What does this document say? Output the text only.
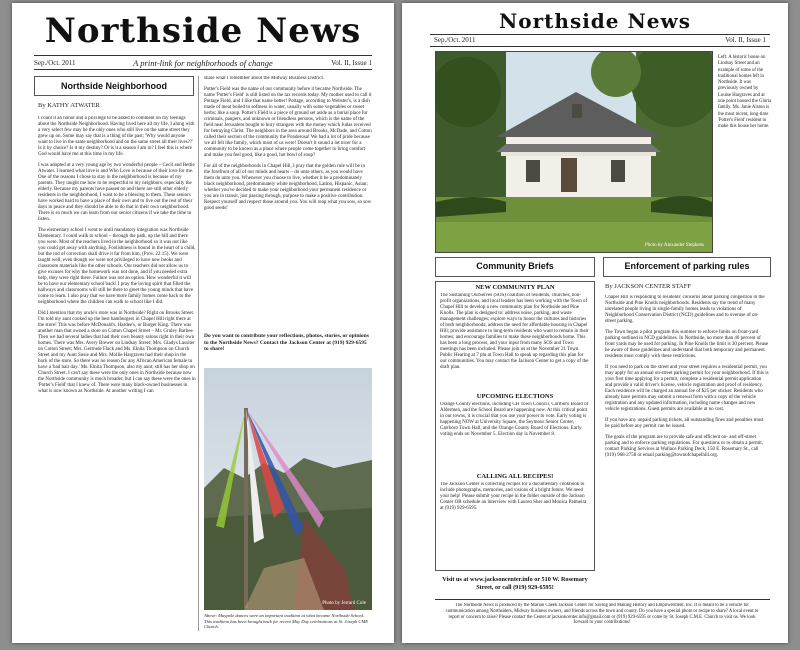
Northside News
Sep./Oct. 2011	A print-link for neighborhoods of change	Vol. II, Issue 1
Northside Neighborhood
By KATHY ATWATER

I count it an honor and a privilege to be asked to comment on my feelings about the Northside Neighborhood. Having lived here all my life, I along with a very select few may be the only ones who still live on the same street they grew up on. Some may say that is a thing of the past; 'Why would anyone want to live in the same neighborhood and on the same street all their lives??' Is it by choice? Is it my destiny? Or is it a season I am in? I feel this is where God would have me at this time in my life.

I was adopted at a very young age by two wonderful people – Cecil and Bettie Atwater. I learned what love is and Who Love is because of their love for me. One of the reasons I chose to stay in the neighborhood is because of my parents. They taught me how to be respectful to my neighbors, especially the elderly. Because my parents have passed on and there are still other elderly residents in the neighborhood, I want to be a blessing to them. These seniors have worked hard to have a place of their own and to live out the rest of their days in peace and they should be able to do that in their own neighborhood. There is so much we can learn from our senior citizens if we take the time to listen.

The elementary school I went to until mandatory integration was Northside Elementary. I could walk to school – through the path, up the hill and there you were. Most of the teachers lived in the neighborhood so it was not like you could get away with anything. Foolishness is bound in the heart of a child, but the rod of correction shall drive it far from him, (Prov. 22:15). We were taught well, even though we were not privileged to have new books and classroom materials like the other schools. Our teachers did not allow us to give excuses for why the homework was not done, and if you needed extra help, they were right there. Failure was not an option. How wonderful it will be to have our elementary school back! I pray the loving spirit that filled the hallways and classrooms will still be there to greet the young minds that have come to learn. I also pray that we have more family homes come back to the neighborhood where the children can walk to school like I did.

Did I mention that my uncle's store was in Northside? Right on Brooks Street. I'm told my aunt cooked up the best hamburgers in Chapel Hill right there at the store! This was before McDonald's, Hardee's, or Burger King. There was another man that owned a store on Cotton Chapel Street – Mr. Gruley Barbee. Then we had several ladies that had their own beauty salons right in their own homes. There was Mrs. Avery Brewer on Lindsay Street; Mrs. Gladys Lassiter on Cotton Street; Mrs. Gertrude Flack and Ms. Elnita Thompson on Church Street and my Aunt Susie and Mrs. Mollie Hargraves had their shop in the back of the store. So there was no reason for any African American female to have a 'bad hair day.' Ms. Elnita Thompson, also my aunt, still has her shop on Church Street. I can't say these were the only ones in Northside because now the Northside community is much broader, but I can say these were the ones in 'Potter's Field' that I knew of. There were many black-owned businesses in what is now known as Northside. At another writing I can

share what I remember about the Midway Business District.

Potter's Field was the name of our community before it became Northside. The name 'Potter's Field' is still listed on the tax records today. My mother used to call it Pottage Field, and I like that name better! Pottage, according to Webster's, is a dish made of meat boiled to softness in water, usually with some vegetables or sweet herbs; like a soup. Potter's Field is a piece of ground set aside as a burial place for criminals, paupers, and unknown or friendless persons, which is the name of the field near Jerusalem bought to bury strangers with the money which Judas received for betraying Christ. The neighbors in the area around Brooks, McDade, and Cotton called their section of the community the Ponderosa! We had a lot of pride because we all felt like family, which most of us were! Doesn't it sound a lot nicer for a community to be known as a place where people come together to bring comfort and make you feel good, like a good, hot bowl of soup?

For all of the neighborhoods in Chapel Hill, I pray that the golden rule will be in the forefront of all of our minds and hearts – do unto others, as you would have them do unto you. Whenever you choose to live, whether it be a predominately black neighborhood, predominately white neighborhood, Latino, Hispanic, Asian; whether you've decided to make your neighborhood your permanent residence or you are in transit, just passing through, purpose to make a positive contribution. Respect yourself and respect those around you. You will reap what you sow, so sow good seeds!

Do you want to contribute your reflections, photos, stories, or opinions to the Northside News? Contact the Jackson Center at (919) 929-6595 to share!
Photo by Jerrard Cole
Above: Maypole dances were an important tradition at what became Northside School. This tradition has been brought back for recent May Day celebrations at St. Joseph CME Church.
Northside News
Sep./Oct. 2011	Vol. II, Issue 1
Photo by Alexander Stephens
Left: A historic house on Lindsay Street and an example of some of the traditional homes left in Northside. It was previously owned by Louise Hargraves and at one point housed the Gloria family. Ms. Janie Alston is the most recent, long-time 'Potter's Field' resident to make this house her home.
Community Briefs
NEW COMMUNITY PLAN
The Sustaining OurSelves (SOS) coalition of residents, churches, non-profit organizations, and local leaders has been working with the Town of Chapel Hill to develop a new community plan for Northside and Pine Knolls. The plan is designed to: address noise, parking, and waste management challenges; explore ways to honor the cultures and histories of both neighborhoods; address the need for affordable housing in Chapel Hill; provide assistance to long-term residents who want to remain in their homes; and encourage families to make these neighborhoods home. This has been a long process, and your input from many SOS and Town meetings has been included. Please join us at the November 21 Town Public Hearing at 7 pm at Town Hall to speak up regarding this plan for our communities. You may contact the Jackson Center to get a copy of the draft plan.
UPCOMING ELECTIONS
Orange County elections, including CH Town Council, Carrboro Board of Aldermen, and the School Board are happening now. At this critical point in our towns, it is crucial that you use your power to vote. Early voting is happening NOW at University Square, the Seymour Senior Center, Carrboro Town Hall, and the Orange County Board of Elections. Early voting ends on November 5. Election day is November 8.
CALLING ALL RECIPES!
The Jackson Center is collecting recipes for a documentary cookbook to include photographs, memories, and visions of a bright future. We need your help! Please submit your recipe in the folder outside of the Jackson Center OR schedule an interview with Lauren Sher and Monica Palmeira at (919) 929-6595.
Visit us at www.jacksoncenter.info or 510 W. Rosemary Street, or call (919) 929-6595!
Enforcement of parking rules
By JACKSON CENTER STAFF

Chapel Hill is responding to residents' concerns about parking congestion in the Northside and Pine Knolls neighborhoods. Residents say the trend of many unrelated people living in single-family homes leads to violations of Neighborhood Conservation District (NCD) guidelines and to overuse of on-street parking.

The Town began a pilot program this summer to enforce limits on front-yard parking outlined in NCD guidelines. In Northside, no more than 40 percent of front yards may be used for parking. In Pine Knolls the limit is 30 percent. Please be aware of these guidelines and understand that both temporary and permanent residents must comply with these restrictions.

If you need to park on the street and your street requires a residential permit, you may apply for an annual on-street parking permit for your neighborhood. If this is your first time applying for a permit, complete a residential permit application and provide a valid driver's license, vehicle registration and proof of residency. Each residence will be charged an annual fee of $25 per sticker. Residents who already have permits may submit a renewal form with a copy of the vehicle registration and any updated information, including name changes and new vehicle registrations. Guest permits are available at no cost.

If you have any unpaid parking tickets, all outstanding fines and penalties must be paid before any permit can be issued.

The goals of the program are to provide safe and efficient on- and off-street parking and to enforce parking regulations. For questions or to obtain a permit, contact Parking Services at Wallace Parking Deck, 150 E. Rosemary St., call (919) 968-2758 or email parking@townofchapelhill.org.

The Northside News is produced by the Marian Cheek Jackson Center for Saving and Making History and Empowerment, Inc. It is meant to be a vehicle for communication among Northsiders, Midway business owners, and friends across the town and county. Do you have a special photo or recipe to share? A local event to report or concern to raise? Please contact the Center at jacksoncenter.info@gmail.com or (919) 929-6595 or come by St. Joseph C.M.E. Church to visit us. We look forward to your contributions!
